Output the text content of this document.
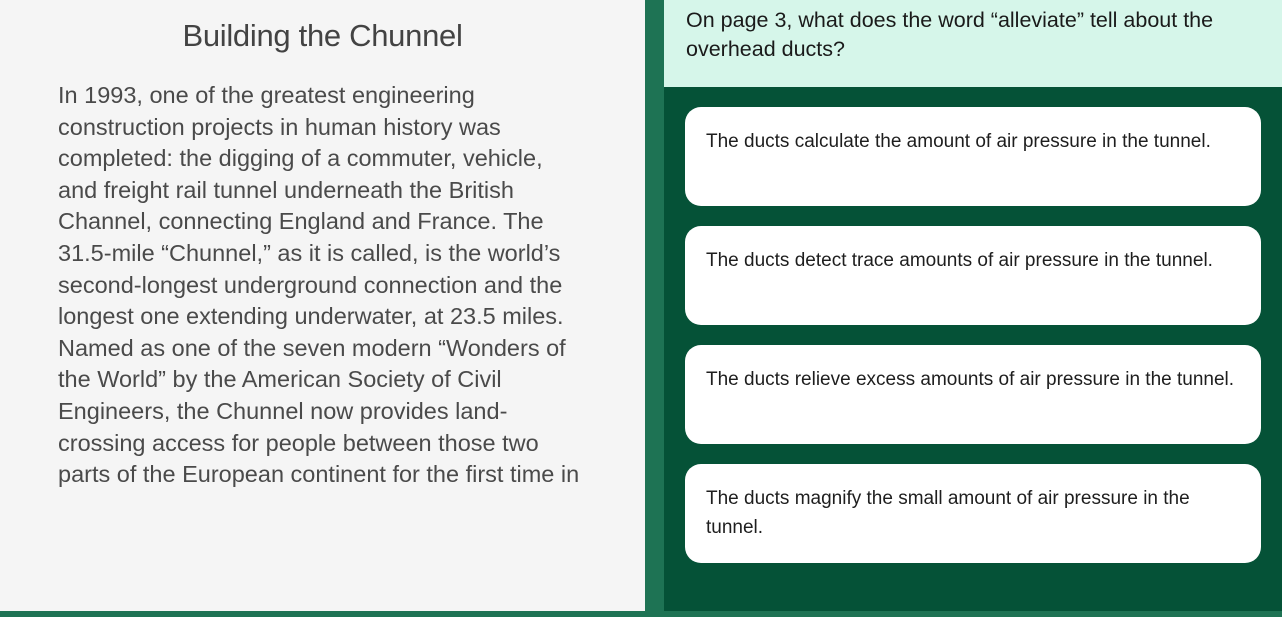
Building the Chunnel

In 1993, one of the greatest engineering construction projects in human history was completed: the digging of a commuter, vehicle, and freight rail tunnel underneath the British Channel, connecting England and France. The 31.5-mile “Chunnel,” as it is called, is the world’s second-longest underground connection and the longest one extending underwater, at 23.5 miles. Named as one of the seven modern “Wonders of the World” by the American Society of Civil Engineers, the Chunnel now provides land-crossing access for people between those two parts of the European continent for the first time in

On page 3, what does the word “alleviate” tell about the overhead ducts?

The ducts calculate the amount of air pressure in the tunnel.
The ducts detect trace amounts of air pressure in the tunnel.
The ducts relieve excess amounts of air pressure in the tunnel.
The ducts magnify the small amount of air pressure in the tunnel.
